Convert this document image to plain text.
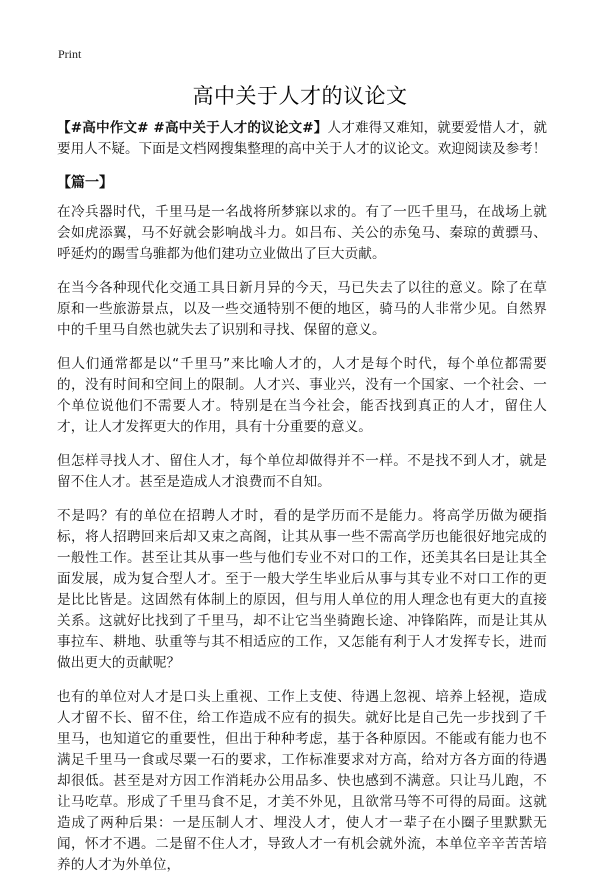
Print
高中关于人才的议论文

【#高中作文# #高中关于人才的议论文#】人才难得又难知，就要爱惜人才，就要用人不疑。下面是文档网搜集整理的高中关于人才的议论文。欢迎阅读及参考！

【篇一】

在冷兵器时代，千里马是一名战将所梦寐以求的。有了一匹千里马，在战场上就会如虎添翼，马不好就会影响战斗力。如吕布、关公的赤兔马、秦琼的黄骠马、呼延灼的踢雪乌骓都为他们建功立业做出了巨大贡献。

在当今各种现代化交通工具日新月异的今天，马已失去了以往的意义。除了在草原和一些旅游景点，以及一些交通特别不便的地区，骑马的人非常少见。自然界中的千里马自然也就失去了识别和寻找、保留的意义。

但人们通常都是以“千里马”来比喻人才的，人才是每个时代，每个单位都需要的，没有时间和空间上的限制。人才兴、事业兴，没有一个国家、一个社会、一个单位说他们不需要人才。特别是在当今社会，能否找到真正的人才，留住人才，让人才发挥更大的作用，具有十分重要的意义。

但怎样寻找人才、留住人才，每个单位却做得并不一样。不是找不到人才，就是留不住人才。甚至是造成人才浪费而不自知。

不是吗？有的单位在招聘人才时，看的是学历而不是能力。将高学历做为硬指标，将人招聘回来后却又束之高阁，让其从事一些不需高学历也能很好地完成的一般性工作。甚至让其从事一些与他们专业不对口的工作，还美其名曰是让其全面发展，成为复合型人才。至于一般大学生毕业后从事与其专业不对口工作的更是比比皆是。这固然有体制上的原因，但与用人单位的用人理念也有更大的直接关系。这就好比找到了千里马，却不让它当坐骑跑长途、冲锋陷阵，而是让其从事拉车、耕地、驮重等与其不相适应的工作，又怎能有利于人才发挥专长，进而做出更大的贡献呢？

也有的单位对人才是口头上重视、工作上支使、待遇上忽视、培养上轻视，造成人才留不长、留不住，给工作造成不应有的损失。就好比是自己先一步找到了千里马，也知道它的重要性，但出于种种考虑，基于各种原因。不能或有能力也不满足千里马一食或尽粟一石的要求，工作标准要求对方高，给对方各方面的待遇却很低。甚至是对方因工作消耗办公用品多、快也感到不满意。只让马儿跑，不让马吃草。形成了千里马食不足，才美不外见，且欲常马等不可得的局面。这就造成了两种后果：一是压制人才、埋没人才，使人才一辈子在小圈子里默默无闻，怀才不遇。二是留不住人才，导致人才一有机会就外流，本单位辛辛苦苦培养的人才为外单位，
